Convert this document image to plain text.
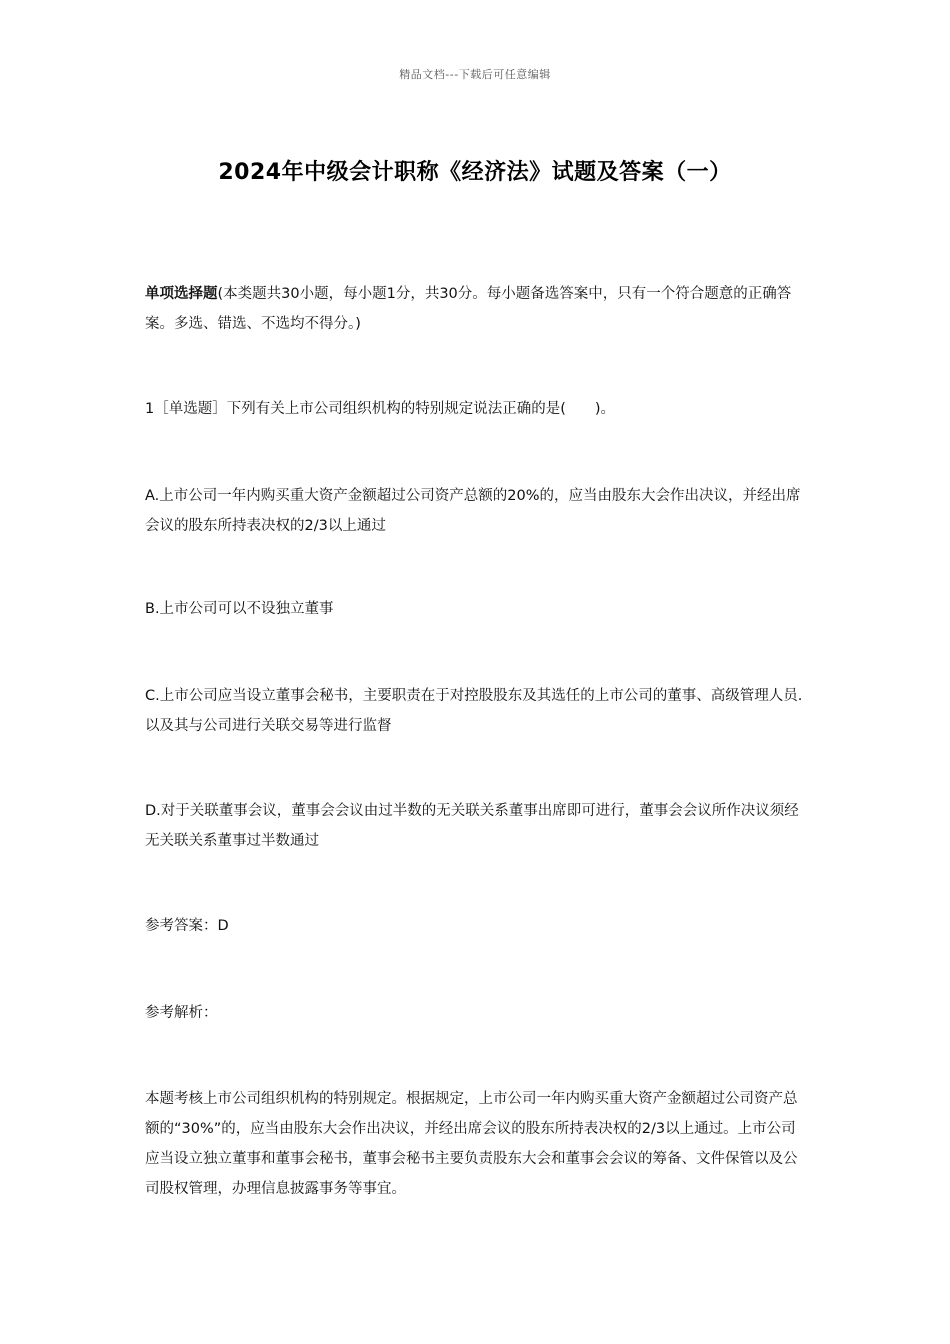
精品文档---下载后可任意编辑
2024年中级会计职称《经济法》试题及答案（一）

单项选择题(本类题共30小题，每小题1分，共30分。每小题备选答案中，只有一个符合题意的正确答案。多选、错选、不选均不得分。)

1［单选题］下列有关上市公司组织机构的特别规定说法正确的是(　　)。

A.上市公司一年内购买重大资产金额超过公司资产总额的20%的，应当由股东大会作出决议，并经出席会议的股东所持表决权的2/3以上通过

B.上市公司可以不设独立董事

C.上市公司应当设立董事会秘书，主要职责在于对控股股东及其选任的上市公司的董事、高级管理人员.以及其与公司进行关联交易等进行监督

D.对于关联董事会议，董事会会议由过半数的无关联关系董事出席即可进行，董事会会议所作决议须经无关联关系董事过半数通过

参考答案：D

参考解析：

本题考核上市公司组织机构的特别规定。根据规定，上市公司一年内购买重大资产金额超过公司资产总额的“30%”的，应当由股东大会作出决议，并经出席会议的股东所持表决权的2/3以上通过。上市公司应当设立独立董事和董事会秘书，董事会秘书主要负责股东大会和董事会会议的筹备、文件保管以及公司股权管理，办理信息披露事务等事宜。
